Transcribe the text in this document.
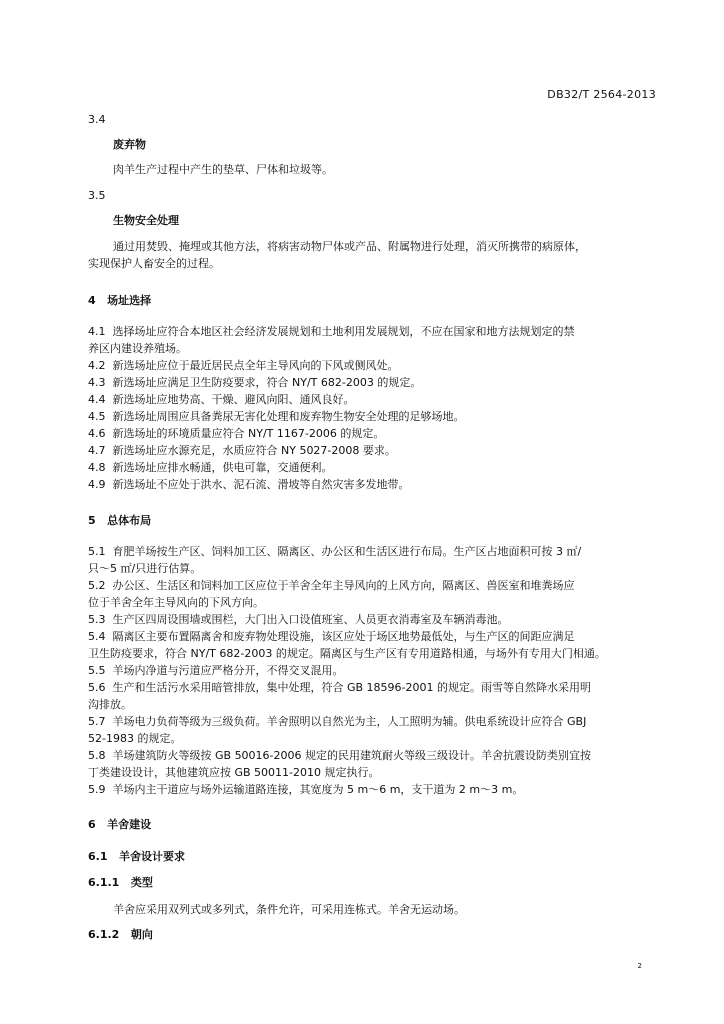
DB32/T 2564-2013
3.4
废弃物
肉羊生产过程中产生的垫草、尸体和垃圾等。
3.5
生物安全处理
通过用焚毁、掩埋或其他方法，将病害动物尸体或产品、附属物进行处理，消灭所携带的病原体，
实现保护人畜安全的过程。
4 场址选择
4.1 选择场址应符合本地区社会经济发展规划和土地利用发展规划，不应在国家和地方法规划定的禁
养区内建设养殖场。
4.2 新选场址应位于最近居民点全年主导风向的下风或侧风处。
4.3 新选场址应满足卫生防疫要求，符合 NY/T 682-2003 的规定。
4.4 新选场址应地势高、干燥、避风向阳、通风良好。
4.5 新选场址周围应具备粪尿无害化处理和废弃物生物安全处理的足够场地。
4.6 新选场址的环境质量应符合 NY/T 1167-2006 的规定。
4.7 新选场址应水源充足，水质应符合 NY 5027-2008 要求。
4.8 新选场址应排水畅通，供电可靠，交通便利。
4.9 新选场址不应处于洪水、泥石流、滑坡等自然灾害多发地带。
5 总体布局
5.1 育肥羊场按生产区、饲料加工区、隔离区、办公区和生活区进行布局。生产区占地面积可按 3 ㎡/
只～5 ㎡/只进行估算。
5.2 办公区、生活区和饲料加工区应位于羊舍全年主导风向的上风方向，隔离区、兽医室和堆粪场应
位于羊舍全年主导风向的下风方向。
5.3 生产区四周设围墙或围栏，大门出入口设值班室、人员更衣消毒室及车辆消毒池。
5.4 隔离区主要布置隔离舍和废弃物处理设施，该区应处于场区地势最低处，与生产区的间距应满足
卫生防疫要求，符合 NY/T 682-2003 的规定。隔离区与生产区有专用道路相通，与场外有专用大门相通。
5.5 羊场内净道与污道应严格分开，不得交叉混用。
5.6 生产和生活污水采用暗管排放，集中处理，符合 GB 18596-2001 的规定。雨雪等自然降水采用明
沟排放。
5.7 羊场电力负荷等级为三级负荷。羊舍照明以自然光为主，人工照明为辅。供电系统设计应符合 GBJ
52-1983 的规定。
5.8 羊场建筑防火等级按 GB 50016-2006 规定的民用建筑耐火等级三级设计。羊舍抗震设防类别宜按
丁类建设设计，其他建筑应按 GB 50011-2010 规定执行。
5.9 羊场内主干道应与场外运输道路连接，其宽度为 5 m～6 m，支干道为 2 m～3 m。
6 羊舍建设
6.1 羊舍设计要求
6.1.1 类型
羊舍应采用双列式或多列式，条件允许，可采用连栋式。羊舍无运动场。
6.1.2 朝向
2
